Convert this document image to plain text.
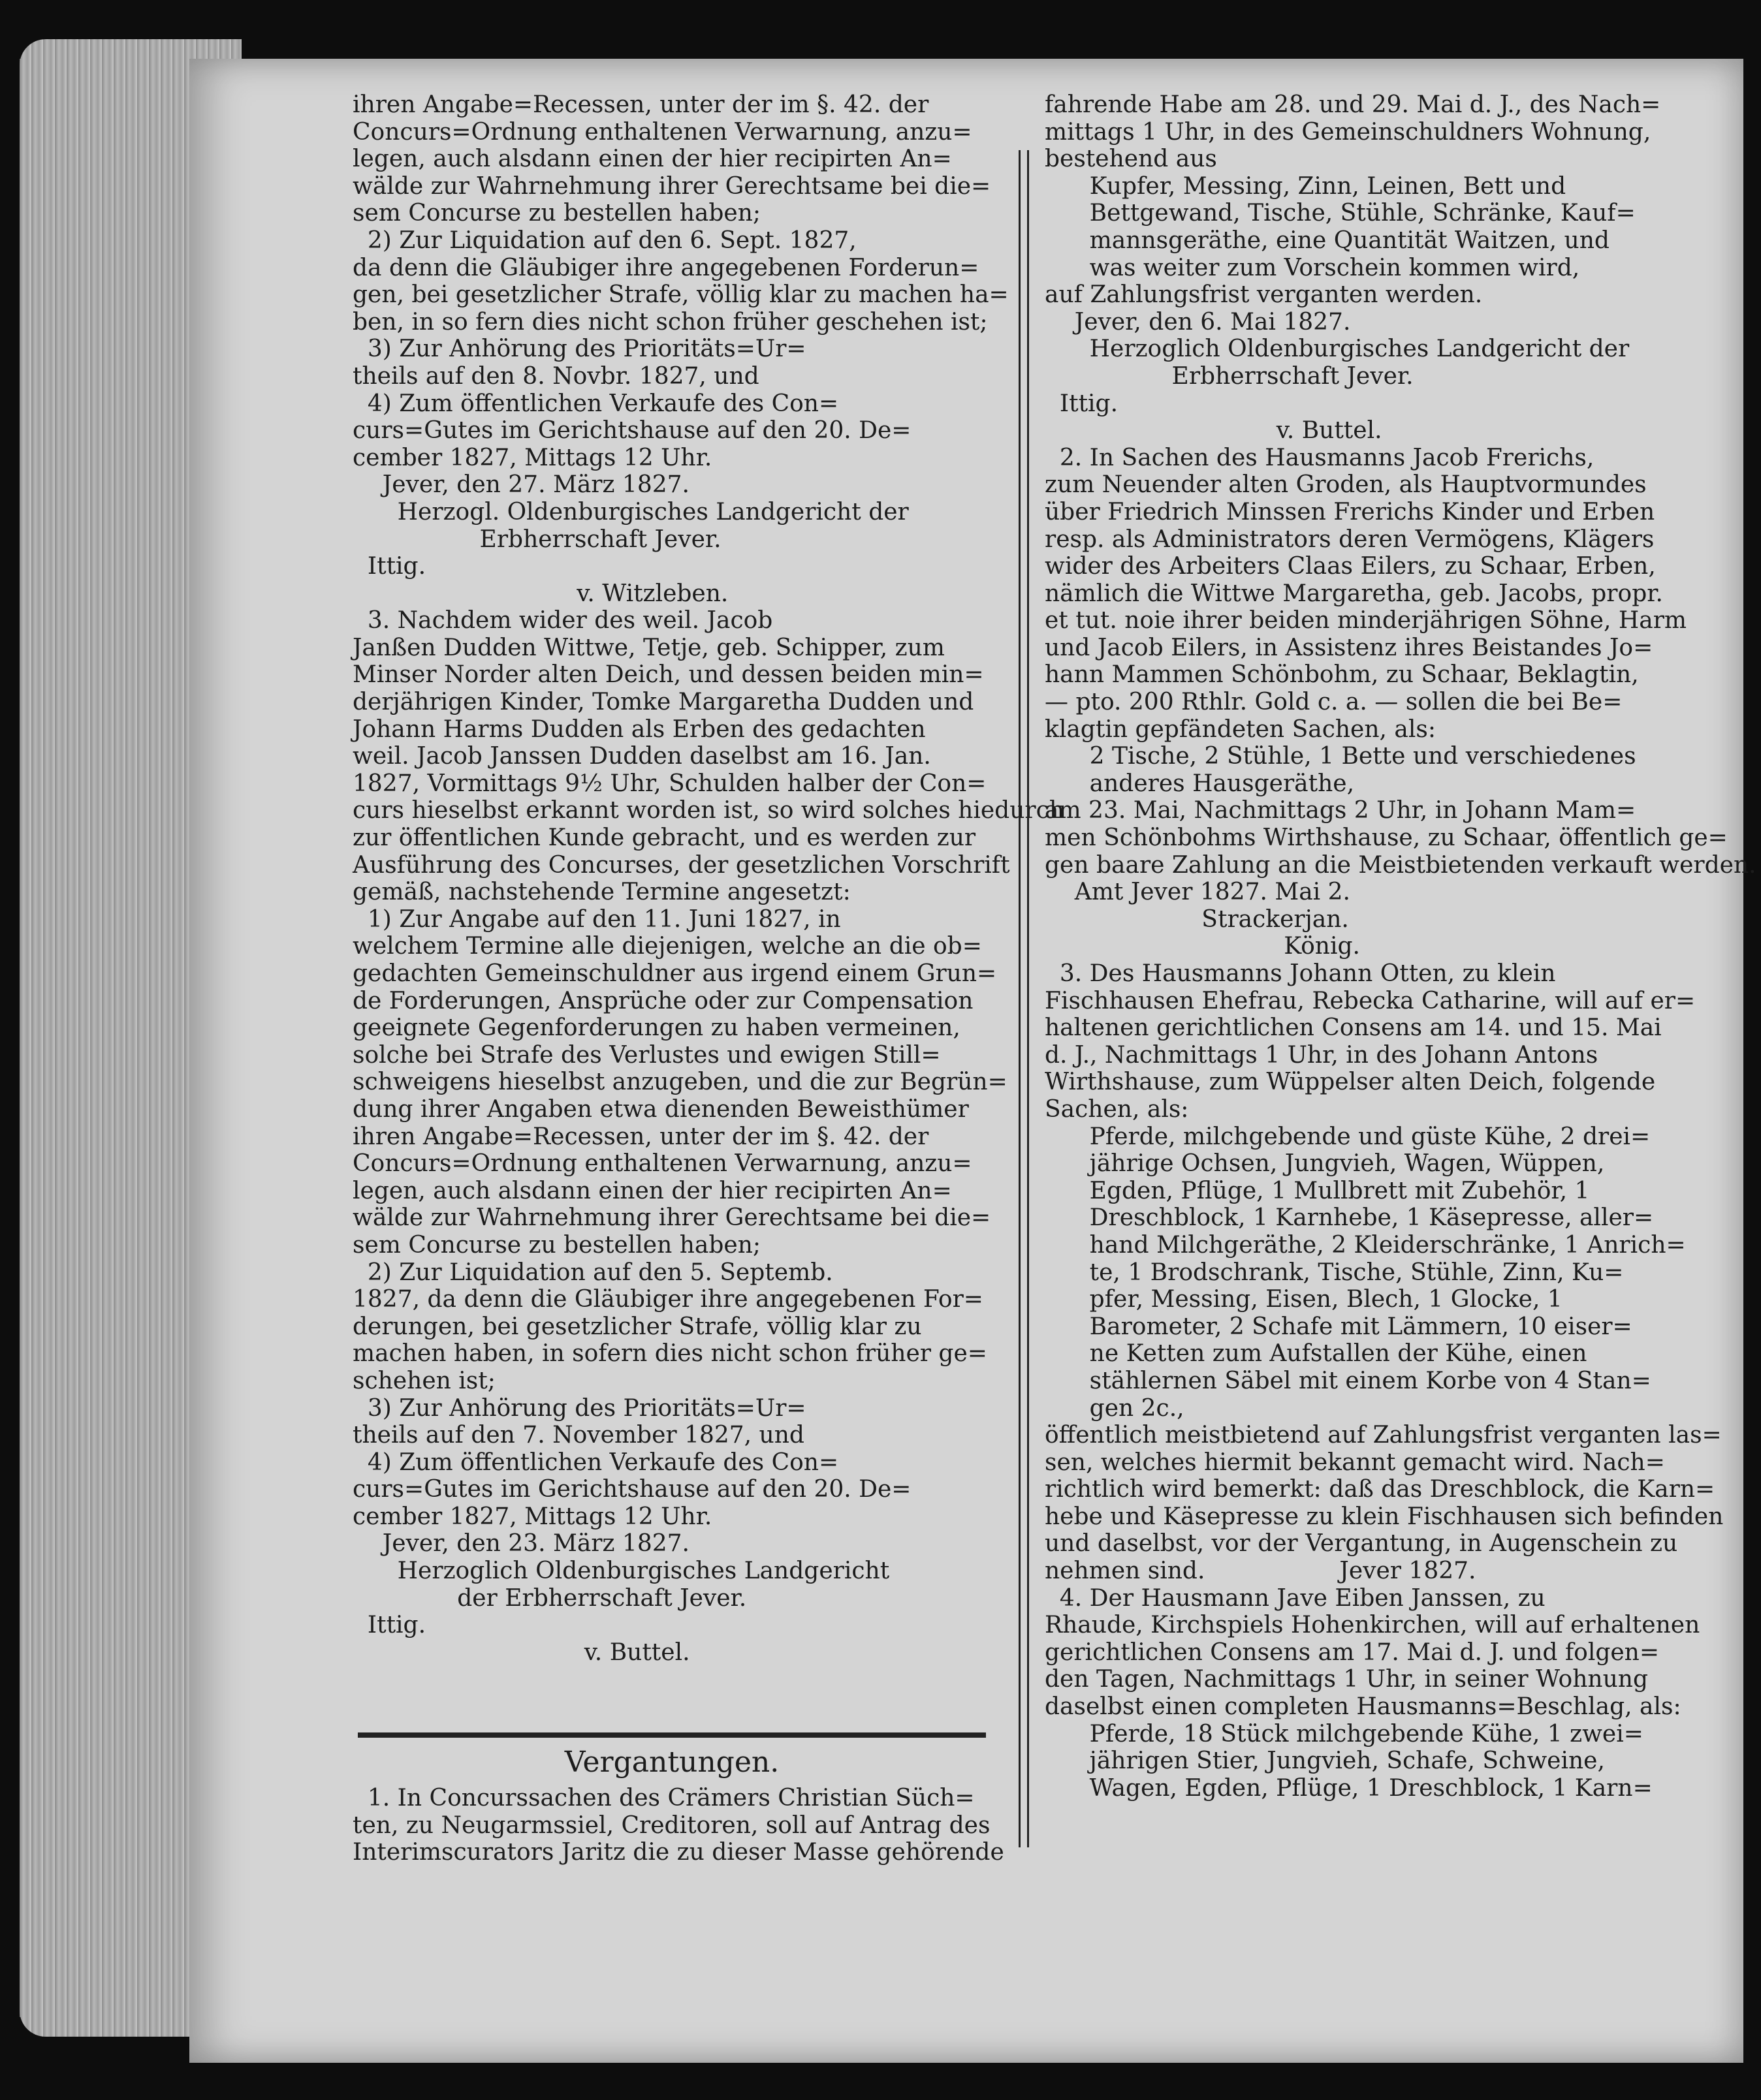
ihren Angabe=Recessen, unter der im §. 42. der
Concurs=Ordnung enthaltenen Verwarnung, anzu=
legen, auch alsdann einen der hier recipirten An=
wälde zur Wahrnehmung ihrer Gerechtsame bei die=
sem Concurse zu bestellen haben;
2) Zur Liquidation auf den 6. Sept. 1827,
da denn die Gläubiger ihre angegebenen Forderun=
gen, bei gesetzlicher Strafe, völlig klar zu machen ha=
ben, in so fern dies nicht schon früher geschehen ist;
3) Zur Anhörung des Prioritäts=Ur=
theils auf den 8. Novbr. 1827, und
4) Zum öffentlichen Verkaufe des Con=
curs=Gutes im Gerichtshause auf den 20. De=
cember 1827, Mittags 12 Uhr.
Jever, den 27. März 1827.
Herzogl. Oldenburgisches Landgericht der
Erbherrschaft Jever.
Ittig.
v. Witzleben.
3. Nachdem wider des weil. Jacob
Janßen Dudden Wittwe, Tetje, geb. Schipper, zum
Minser Norder alten Deich, und dessen beiden min=
derjährigen Kinder, Tomke Margaretha Dudden und
Johann Harms Dudden als Erben des gedachten
weil. Jacob Janssen Dudden daselbst am 16. Jan.
1827, Vormittags 9½ Uhr, Schulden halber der Con=
curs hieselbst erkannt worden ist, so wird solches hiedurch
zur öffentlichen Kunde gebracht, und es werden zur
Ausführung des Concurses, der gesetzlichen Vorschrift
gemäß, nachstehende Termine angesetzt:
1) Zur Angabe auf den 11. Juni 1827, in
welchem Termine alle diejenigen, welche an die ob=
gedachten Gemeinschuldner aus irgend einem Grun=
de Forderungen, Ansprüche oder zur Compensation
geeignete Gegenforderungen zu haben vermeinen,
solche bei Strafe des Verlustes und ewigen Still=
schweigens hieselbst anzugeben, und die zur Begrün=
dung ihrer Angaben etwa dienenden Beweisthümer
ihren Angabe=Recessen, unter der im §. 42. der
Concurs=Ordnung enthaltenen Verwarnung, anzu=
legen, auch alsdann einen der hier recipirten An=
wälde zur Wahrnehmung ihrer Gerechtsame bei die=
sem Concurse zu bestellen haben;
2) Zur Liquidation auf den 5. Septemb.
1827, da denn die Gläubiger ihre angegebenen For=
derungen, bei gesetzlicher Strafe, völlig klar zu
machen haben, in sofern dies nicht schon früher ge=
schehen ist;
3) Zur Anhörung des Prioritäts=Ur=
theils auf den 7. November 1827, und
4) Zum öffentlichen Verkaufe des Con=
curs=Gutes im Gerichtshause auf den 20. De=
cember 1827, Mittags 12 Uhr.
Jever, den 23. März 1827.
Herzoglich Oldenburgisches Landgericht
der Erbherrschaft Jever.
Ittig.
v. Buttel.
Vergantungen.
1. In Concurssachen des Crämers Christian Süch=
ten, zu Neugarmssiel, Creditoren, soll auf Antrag des
Interimscurators Jaritz die zu dieser Masse gehörende
fahrende Habe am 28. und 29. Mai d. J., des Nach=
mittags 1 Uhr, in des Gemeinschuldners Wohnung,
bestehend aus
Kupfer, Messing, Zinn, Leinen, Bett und
Bettgewand, Tische, Stühle, Schränke, Kauf=
mannsgeräthe, eine Quantität Waitzen, und
was weiter zum Vorschein kommen wird,
auf Zahlungsfrist verganten werden.
Jever, den 6. Mai 1827.
Herzoglich Oldenburgisches Landgericht der
Erbherrschaft Jever.
Ittig.
v. Buttel.
2. In Sachen des Hausmanns Jacob Frerichs,
zum Neuender alten Groden, als Hauptvormundes
über Friedrich Minssen Frerichs Kinder und Erben
resp. als Administrators deren Vermögens, Klägers
wider des Arbeiters Claas Eilers, zu Schaar, Erben,
nämlich die Wittwe Margaretha, geb. Jacobs, propr.
et tut. noie ihrer beiden minderjährigen Söhne, Harm
und Jacob Eilers, in Assistenz ihres Beistandes Jo=
hann Mammen Schönbohm, zu Schaar, Beklagtin,
— pto. 200 Rthlr. Gold c. a. — sollen die bei Be=
klagtin gepfändeten Sachen, als:
2 Tische, 2 Stühle, 1 Bette und verschiedenes
anderes Hausgeräthe,
am 23. Mai, Nachmittags 2 Uhr, in Johann Mam=
men Schönbohms Wirthshause, zu Schaar, öffentlich ge=
gen baare Zahlung an die Meistbietenden verkauft werden.
Amt Jever 1827. Mai 2.
Strackerjan.
König.
3. Des Hausmanns Johann Otten, zu klein
Fischhausen Ehefrau, Rebecka Catharine, will auf er=
haltenen gerichtlichen Consens am 14. und 15. Mai
d. J., Nachmittags 1 Uhr, in des Johann Antons
Wirthshause, zum Wüppelser alten Deich, folgende
Sachen, als:
Pferde, milchgebende und güste Kühe, 2 drei=
jährige Ochsen, Jungvieh, Wagen, Wüppen,
Egden, Pflüge, 1 Mullbrett mit Zubehör, 1
Dreschblock, 1 Karnhebe, 1 Käsepresse, aller=
hand Milchgeräthe, 2 Kleiderschränke, 1 Anrich=
te, 1 Brodschrank, Tische, Stühle, Zinn, Ku=
pfer, Messing, Eisen, Blech, 1 Glocke, 1
Barometer, 2 Schafe mit Lämmern, 10 eiser=
ne Ketten zum Aufstallen der Kühe, einen
stählernen Säbel mit einem Korbe von 4 Stan=
gen 2c.,
öffentlich meistbietend auf Zahlungsfrist verganten las=
sen, welches hiermit bekannt gemacht wird. Nach=
richtlich wird bemerkt: daß das Dreschblock, die Karn=
hebe und Käsepresse zu klein Fischhausen sich befinden
und daselbst, vor der Vergantung, in Augenschein zu
nehmen sind.                  Jever 1827.
4. Der Hausmann Jave Eiben Janssen, zu
Rhaude, Kirchspiels Hohenkirchen, will auf erhaltenen
gerichtlichen Consens am 17. Mai d. J. und folgen=
den Tagen, Nachmittags 1 Uhr, in seiner Wohnung
daselbst einen completen Hausmanns=Beschlag, als:
Pferde, 18 Stück milchgebende Kühe, 1 zwei=
jährigen Stier, Jungvieh, Schafe, Schweine,
Wagen, Egden, Pflüge, 1 Dreschblock, 1 Karn=
